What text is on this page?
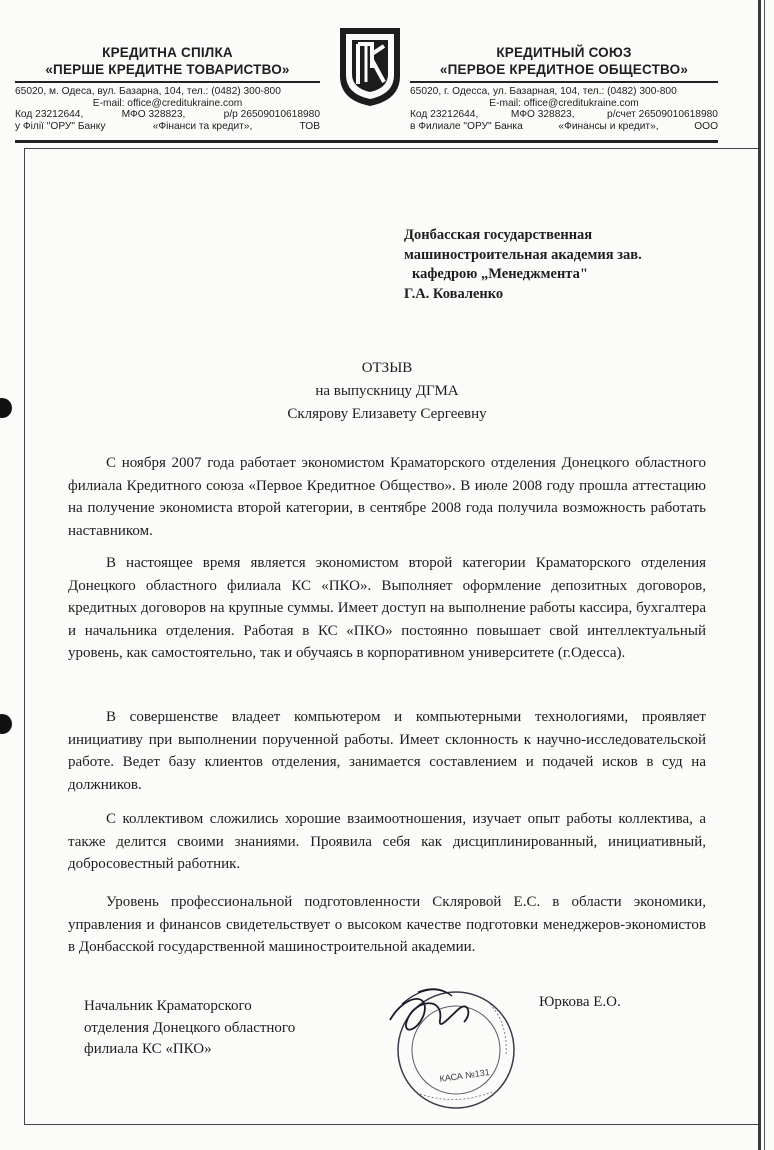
КРЕДИТНА СПІЛКА
«ПЕРШЕ КРЕДИТНЕ ТОВАРИСТВО»
65020, м. Одеса, вул. Базарна, 104, тел.: (0482) 300-800
E-mail: office@creditukraine.com
Код 23212644,	МФО 328823,	р/р 26509010618980
у Філії "ОРУ" Банку	«Фінанси та кредит»,	ТОВ
КРЕДИТНЫЙ СОЮЗ
«ПЕРВОЕ КРЕДИТНОЕ ОБЩЕСТВО»
65020, г. Одесса, ул. Базарная, 104, тел.: (0482) 300-800
E-mail: office@creditukraine.com
Код 23212644,	МФО 328823,	р/счет 26509010618980
в Филиале "ОРУ" Банка	«Финансы и кредит»,	ООО
Донбасская государственная
машиностроительная академия зав.
кафедрою „Менеджмента"
Г.А. Коваленко
ОТЗЫВ
на выпускницу ДГМА
Склярову Елизавету Сергеевну
С ноября 2007 года работает экономистом Краматорского отделения Донецкого областного филиала Кредитного союза «Первое Кредитное Общество». В июле 2008 году прошла аттестацию на получение экономиста второй категории, в сентябре 2008 года получила возможность работать наставником.
В настоящее время является экономистом второй категории Краматорского отделения Донецкого областного филиала КС «ПКО». Выполняет оформление депозитных договоров, кредитных договоров на крупные суммы. Имеет доступ на выполнение работы кассира, бухгалтера и начальника отделения. Работая в КС «ПКО» постоянно повышает свой интеллектуальный уровень, как самостоятельно, так и обучаясь в корпоративном университете (г.Одесса).
В совершенстве владеет компьютером и компьютерными технологиями, проявляет инициативу при выполнении порученной работы. Имеет склонность к научно-исследовательской работе. Ведет базу клиентов отделения, занимается составлением и подачей исков в суд на должников.
С коллективом сложились хорошие взаимоотношения, изучает опыт работы коллектива, а также делится своими знаниями. Проявила себя как дисциплинированный, инициативный, добросовестный работник.
Уровень профессиональной подготовленности Скляровой Е.С. в области экономики, управления и финансов свидетельствует о высоком качестве подготовки менеджеров-экономистов в Донбасской государственной машиностроительной академии.
Начальник Краматорского
отделения Донецкого областного
филиала КС «ПКО»
КАСА №131
Юркова Е.О.
